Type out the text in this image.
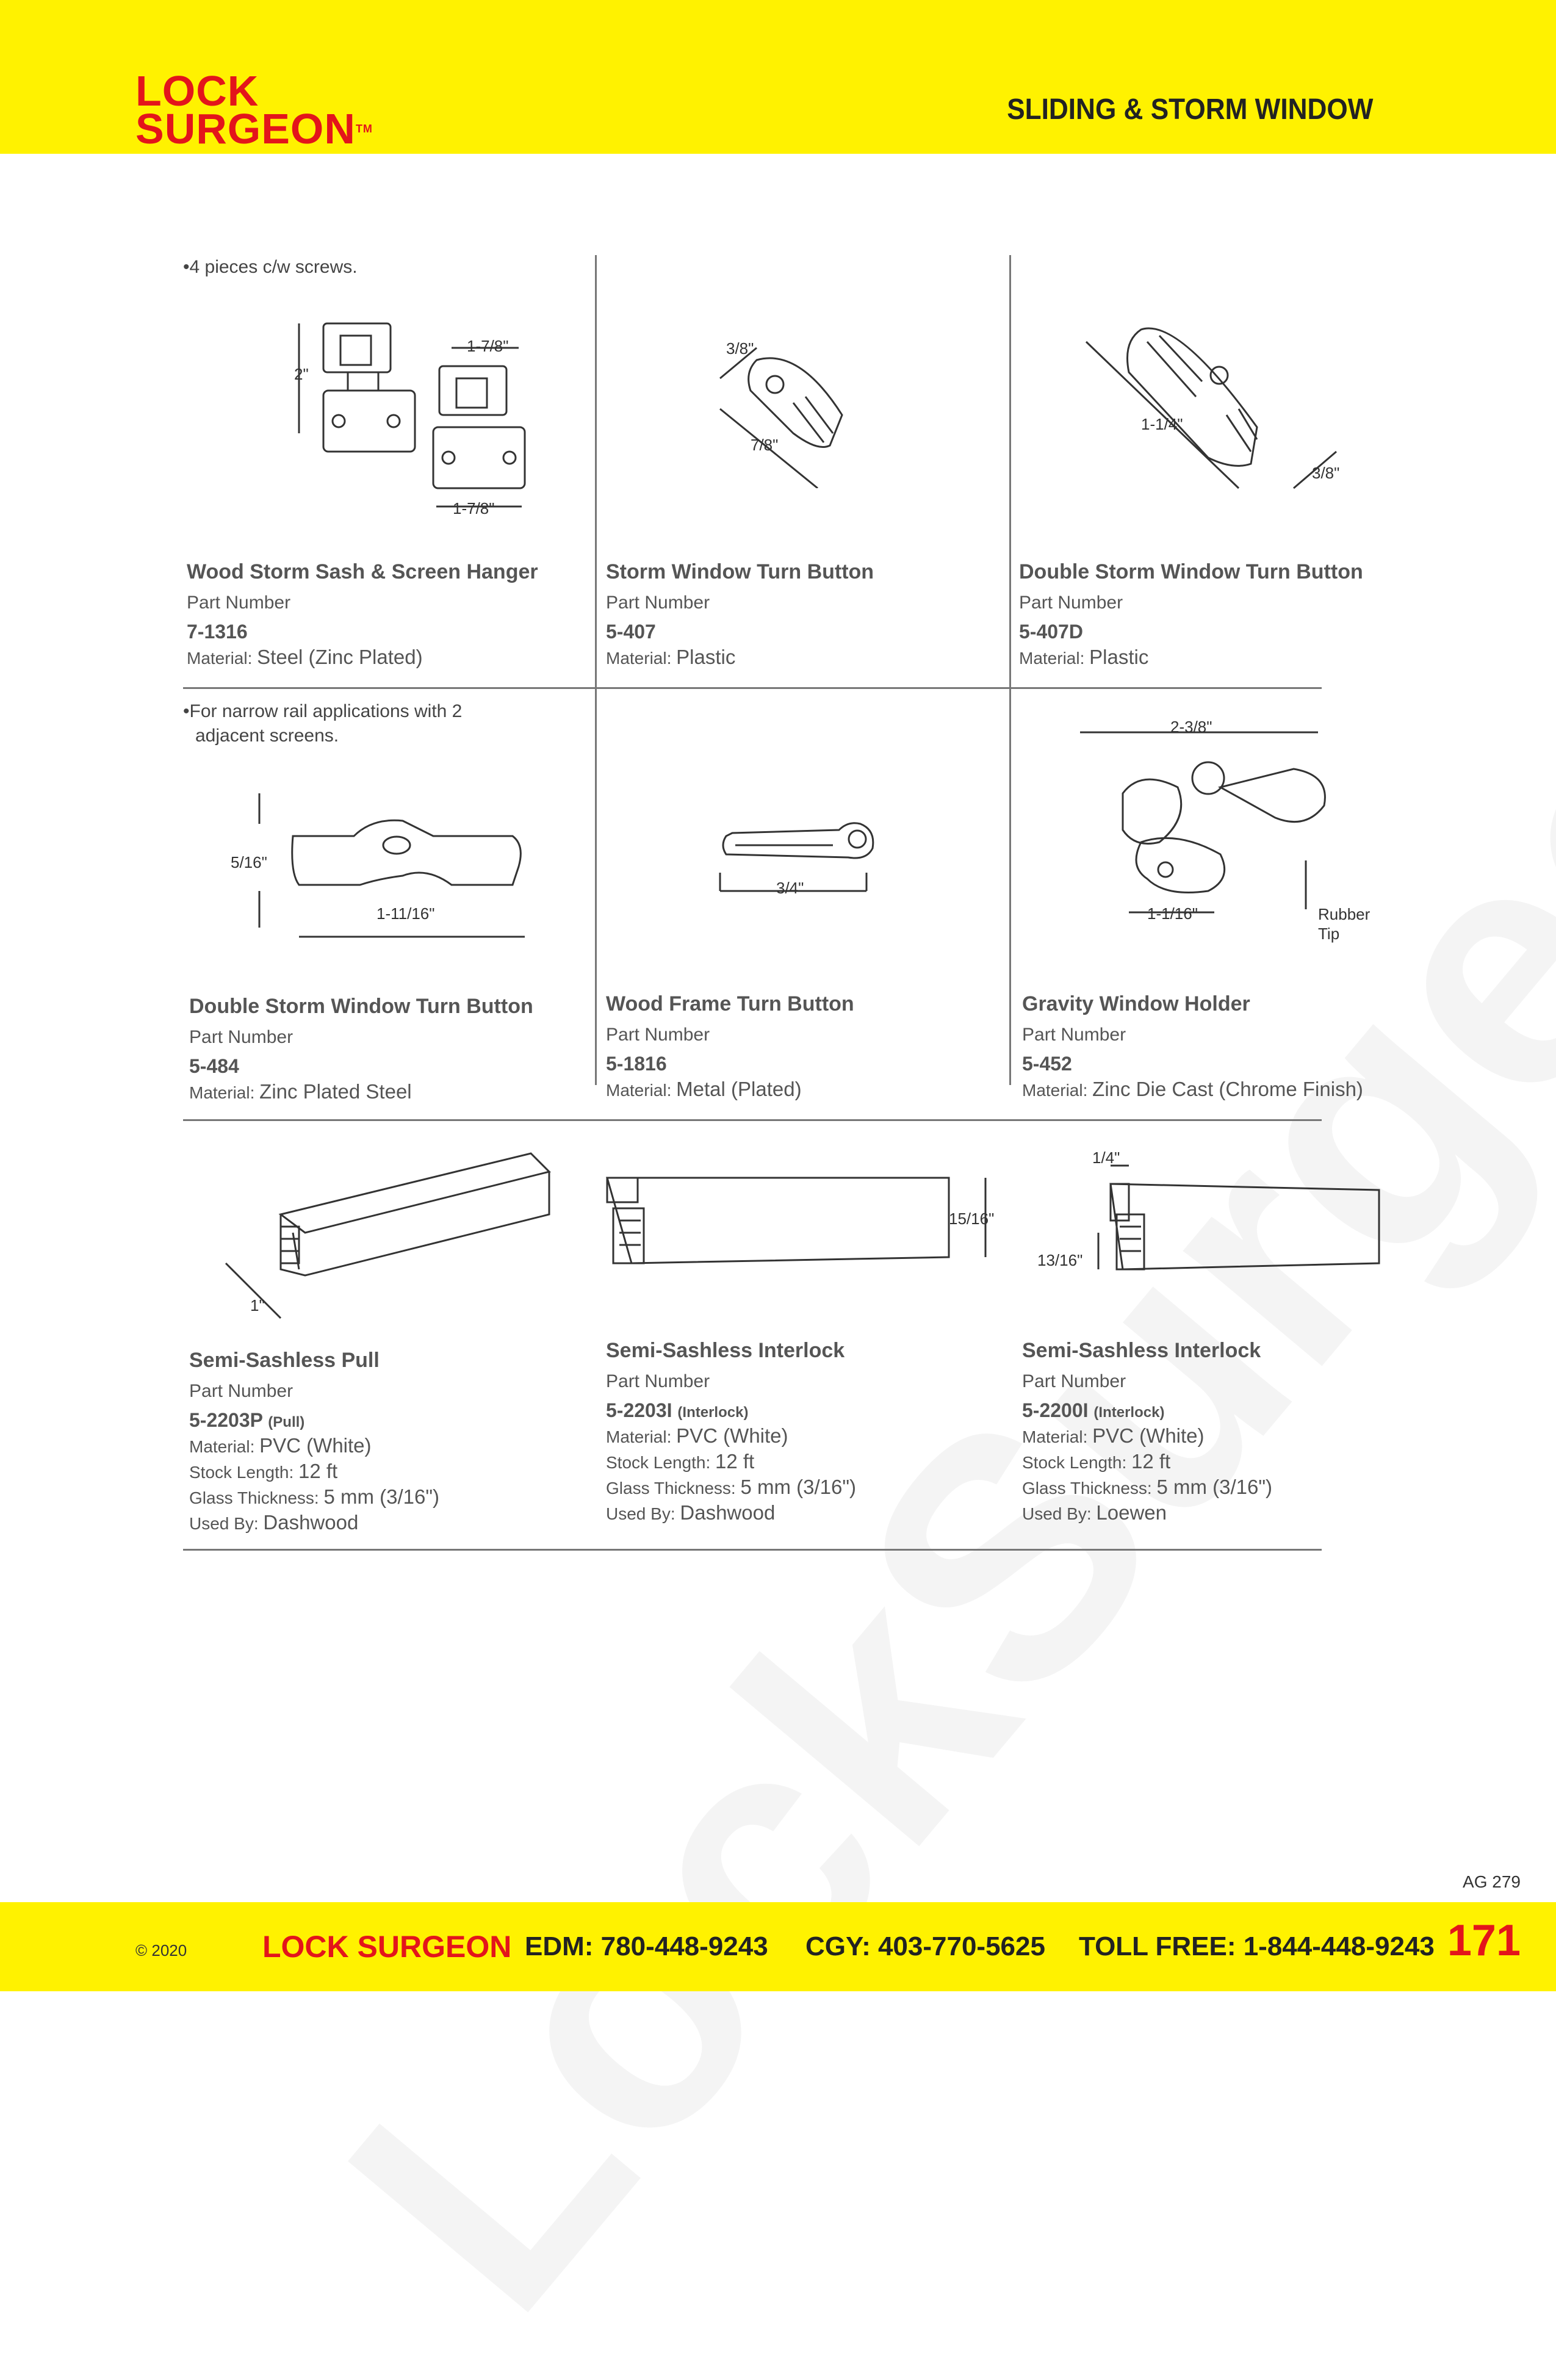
LOCK
SURGEON™
SLIDING & STORM WINDOW
•4 pieces c/w screws.
•For narrow rail applications with 2
adjacent screens.
2"
1-7/8"
1-7/8"
3/8"
7/8"
1-1/4"
3/8"
Wood Storm Sash & Screen Hanger
Part Number
7-1316
Material: Steel (Zinc Plated)
Storm Window Turn Button
Part Number
5-407
Material: Plastic
Double Storm Window Turn Button
Part Number
5-407D
Material: Plastic
5/16"
1-11/16"
3/4"
2-3/8"
1-1/16"	Rubber
Tip
Double Storm Window Turn Button
Part Number
5-484
Material: Zinc Plated Steel
Wood Frame Turn Button
Part Number
5-1816
Material: Metal (Plated)
Gravity Window Holder
Part Number
5-452
Material: Zinc Die Cast (Chrome Finish)
1"
15/16"
1/4"
13/16"
Semi-Sashless Pull
Part Number
5-2203P (Pull)
Material: PVC (White)
Stock Length: 12 ft
Glass Thickness: 5 mm (3/16")
Used By: Dashwood
Semi-Sashless Interlock
Part Number
5-2203I (Interlock)
Material: PVC (White)
Stock Length: 12 ft
Glass Thickness: 5 mm (3/16")
Used By: Dashwood
Semi-Sashless Interlock
Part Number
5-2200I (Interlock)
Material: PVC (White)
Stock Length: 12 ft
Glass Thickness: 5 mm (3/16")
Used By: Loewen
AG 279
© 2020 LOCK SURGEON EDM: 780-448-9243 CGY: 403-770-5625 TOLL FREE: 1-844-448-9243 171
